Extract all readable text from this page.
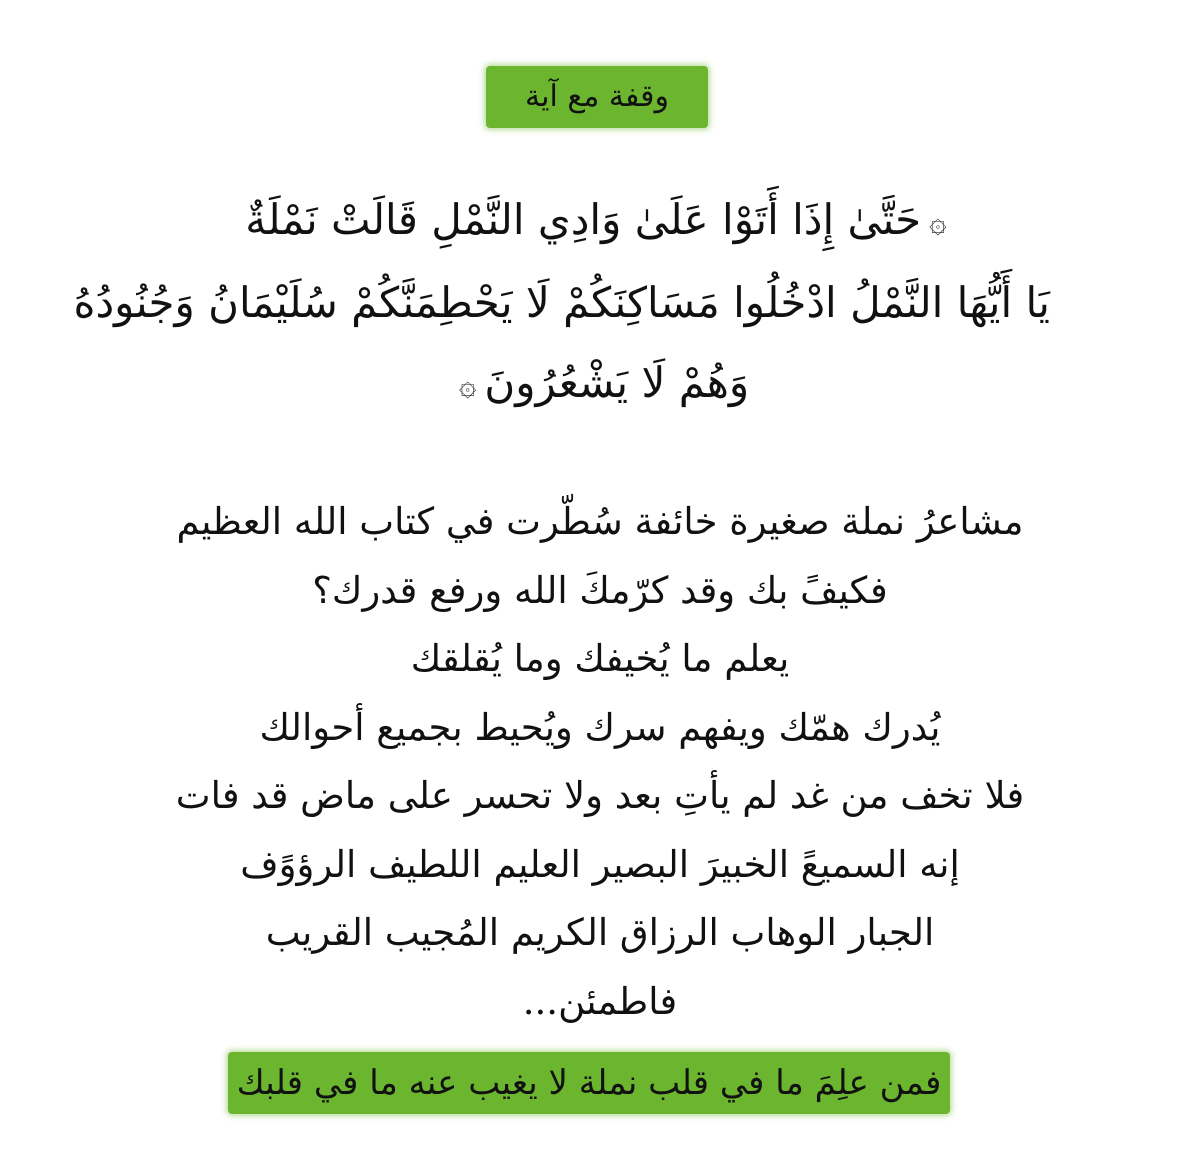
وقفة مع آية
۞حَتَّىٰ إِذَا أَتَوْا عَلَىٰ وَادِي النَّمْلِ قَالَتْ نَمْلَةٌ
يَا أَيُّهَا النَّمْلُ ادْخُلُوا مَسَاكِنَكُمْ لَا يَحْطِمَنَّكُمْ سُلَيْمَانُ وَجُنُودُهُ
وَهُمْ لَا يَشْعُرُونَ۞
مشاعرُ نملة صغيرة خائفة سُطّرت في كتاب الله العظيم
فكيفً بك وقد كرّمكَ الله ورفع قدرك؟
يعلم ما يُخيفك وما يُقلقك
يُدرك همّك ويفهم سرك ويُحيط بجميع أحوالك
فلا تخف من غد لم يأتِ بعد ولا تحسر على ماض قد فات
إنه السميعً الخبيرَ البصير العليم اللطيف الرؤوًف
الجبار الوهاب الرزاق الكريم المُجيب القريب
فاطمئن...
فمن علِمَ ما في قلب نملة لا يغيب عنه ما في قلبك
